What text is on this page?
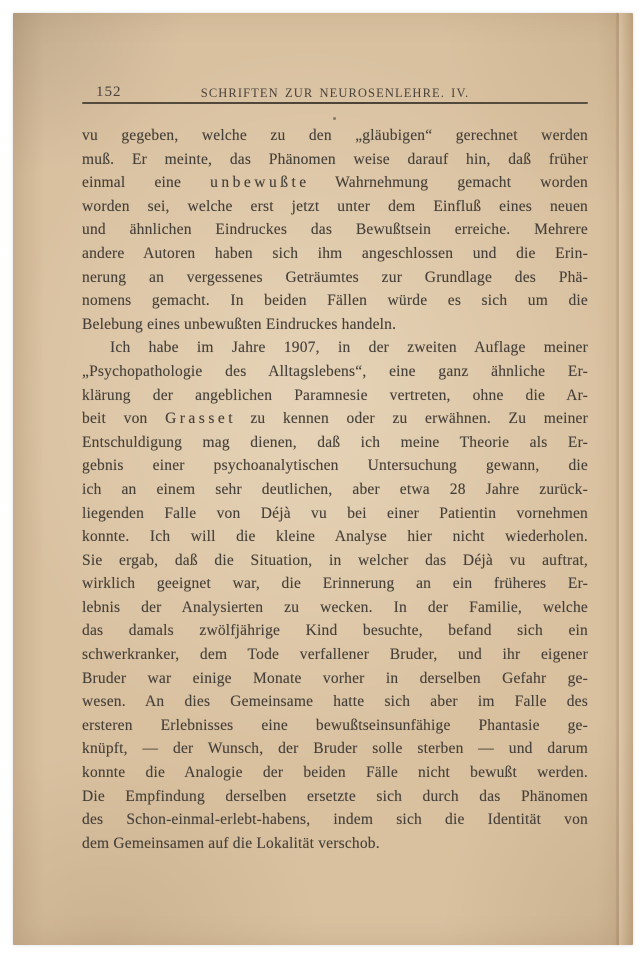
152	SCHRIFTEN ZUR NEUROSENLEHRE. IV.
vu gegeben, welche zu den „gläubigen“ gerechnet werden
muß. Er meinte, das Phänomen weise darauf hin, daß früher
einmal eine u n b e w u ß t e Wahrnehmung gemacht worden
worden sei, welche erst jetzt unter dem Einfluß eines neuen
und ähnlichen Eindruckes das Bewußtsein erreiche. Mehrere
andere Autoren haben sich ihm angeschlossen und die Erin-
nerung an vergessenes Geträumtes zur Grundlage des Phä-
nomens gemacht. In beiden Fällen würde es sich um die
Belebung eines unbewußten Eindruckes handeln.
Ich habe im Jahre 1907, in der zweiten Auflage meiner
„Psychopathologie des Alltagslebens“, eine ganz ähnliche Er-
klärung der angeblichen Paramnesie vertreten, ohne die Ar-
beit von G r a s s e t zu kennen oder zu erwähnen. Zu meiner
Entschuldigung mag dienen, daß ich meine Theorie als Er-
gebnis einer psychoanalytischen Untersuchung gewann, die
ich an einem sehr deutlichen, aber etwa 28 Jahre zurück-
liegenden Falle von Déjà vu bei einer Patientin vornehmen
konnte. Ich will die kleine Analyse hier nicht wiederholen.
Sie ergab, daß die Situation, in welcher das Déjà vu auftrat,
wirklich geeignet war, die Erinnerung an ein früheres Er-
lebnis der Analysierten zu wecken. In der Familie, welche
das damals zwölfjährige Kind besuchte, befand sich ein
schwerkranker, dem Tode verfallener Bruder, und ihr eigener
Bruder war einige Monate vorher in derselben Gefahr ge-
wesen. An dies Gemeinsame hatte sich aber im Falle des
ersteren Erlebnisses eine bewußtseinsunfähige Phantasie ge-
knüpft, — der Wunsch, der Bruder solle sterben — und darum
konnte die Analogie der beiden Fälle nicht bewußt werden.
Die Empfindung derselben ersetzte sich durch das Phänomen
des Schon-einmal-erlebt-habens, indem sich die Identität von
dem Gemeinsamen auf die Lokalität verschob.
